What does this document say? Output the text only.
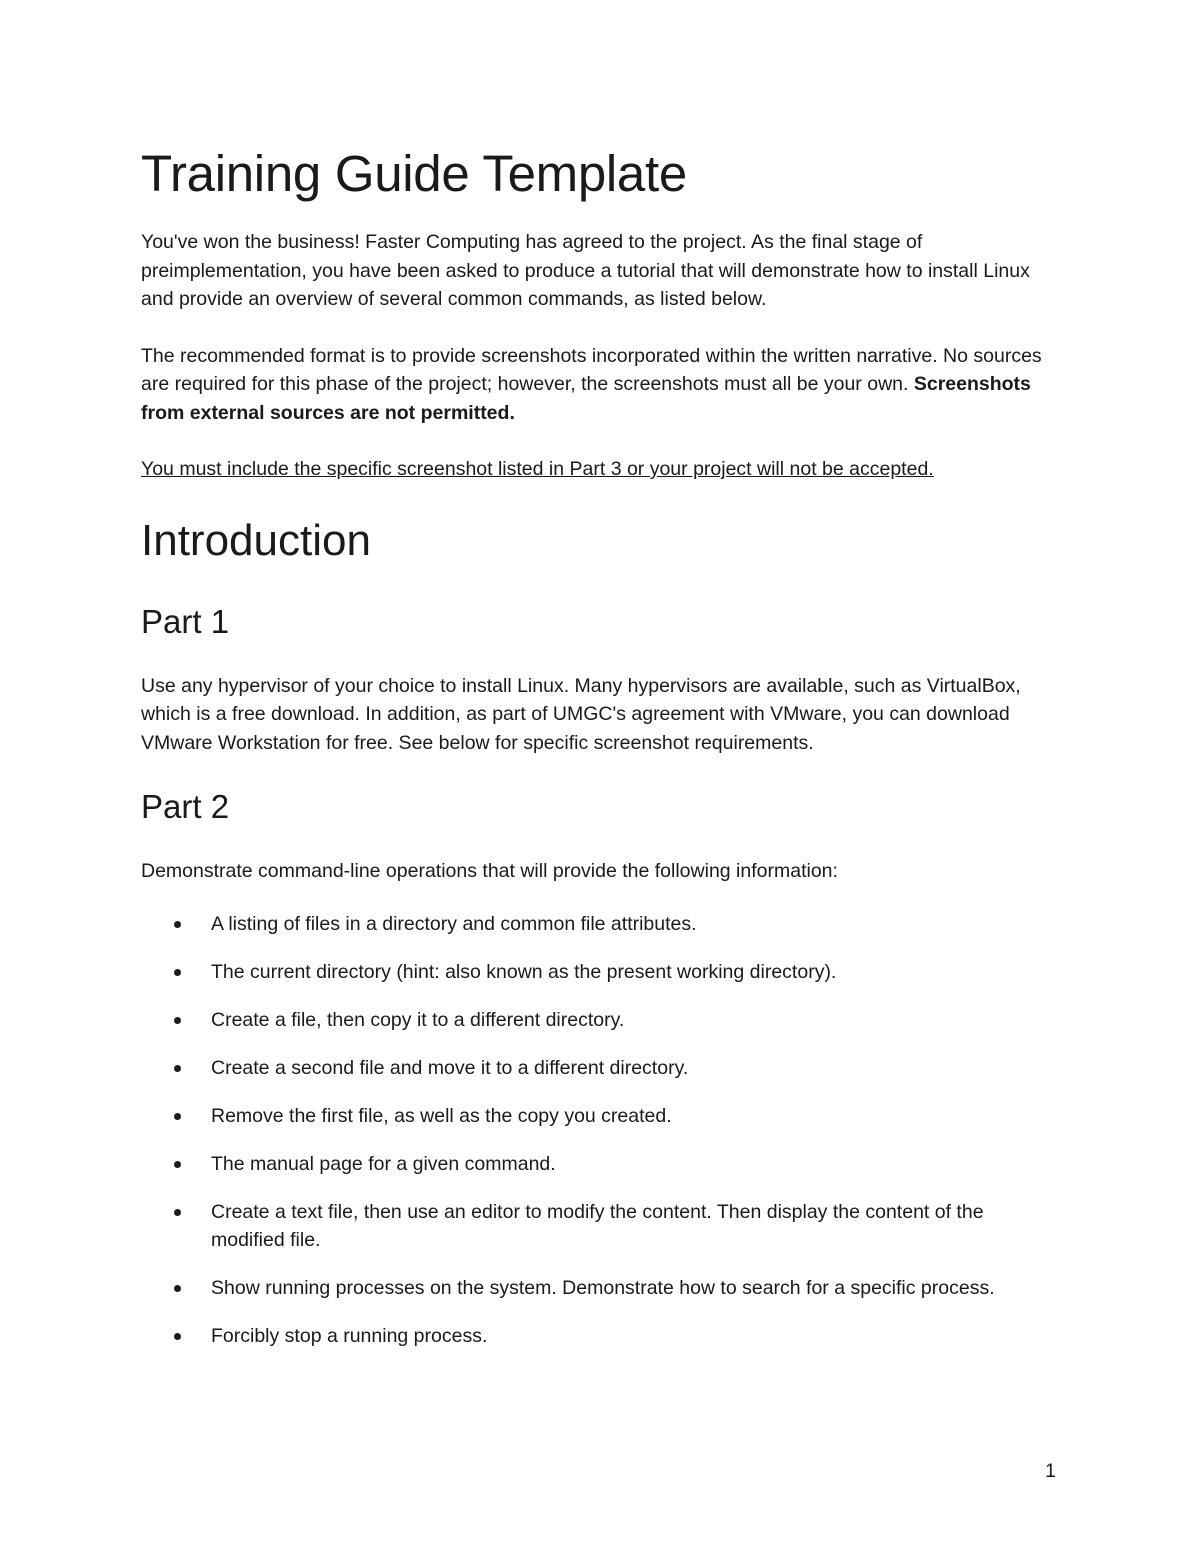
Training Guide Template

You've won the business! Faster Computing has agreed to the project. As the final stage of preimplementation, you have been asked to produce a tutorial that will demonstrate how to install Linux and provide an overview of several common commands, as listed below.

The recommended format is to provide screenshots incorporated within the written narrative. No sources are required for this phase of the project; however, the screenshots must all be your own. Screenshots from external sources are not permitted.

You must include the specific screenshot listed in Part 3 or your project will not be accepted.

Introduction
Part 1

Use any hypervisor of your choice to install Linux. Many hypervisors are available, such as VirtualBox, which is a free download. In addition, as part of UMGC's agreement with VMware, you can download VMware Workstation for free. See below for specific screenshot requirements.

Part 2

Demonstrate command-line operations that will provide the following information:

A listing of files in a directory and common file attributes.
The current directory (hint: also known as the present working directory).
Create a file, then copy it to a different directory.
Create a second file and move it to a different directory.
Remove the first file, as well as the copy you created.
The manual page for a given command.
Create a text file, then use an editor to modify the content. Then display the content of the modified file.
Show running processes on the system. Demonstrate how to search for a specific process.
Forcibly stop a running process.
1
